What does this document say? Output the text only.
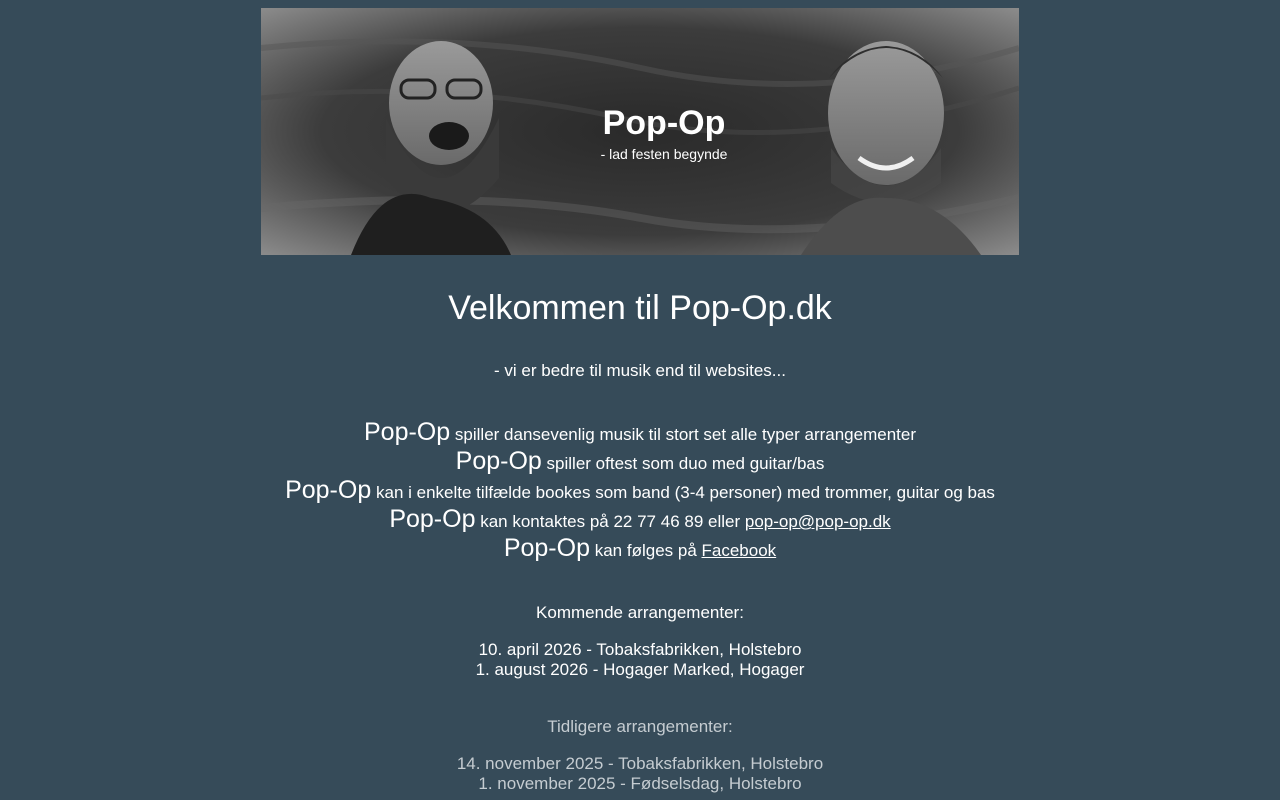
Pop-Op
- lad festen begynde
Velkommen til Pop-Op.dk
- vi er bedre til musik end til websites...
Pop-Op spiller dansevenlig musik til stort set alle typer arrangementer
Pop-Op spiller oftest som duo med guitar/bas
Pop-Op kan i enkelte tilfælde bookes som band (3-4 personer) med trommer, guitar og bas
Pop-Op kan kontaktes på 22 77 46 89 eller pop-op@pop-op.dk
Pop-Op kan følges på Facebook
Kommende arrangementer:
10. april 2026 - Tobaksfabrikken, Holstebro
1. august 2026 - Hogager Marked, Hogager
Tidligere arrangementer:
14. november 2025 - Tobaksfabrikken, Holstebro
1. november 2025 - Fødselsdag, Holstebro
